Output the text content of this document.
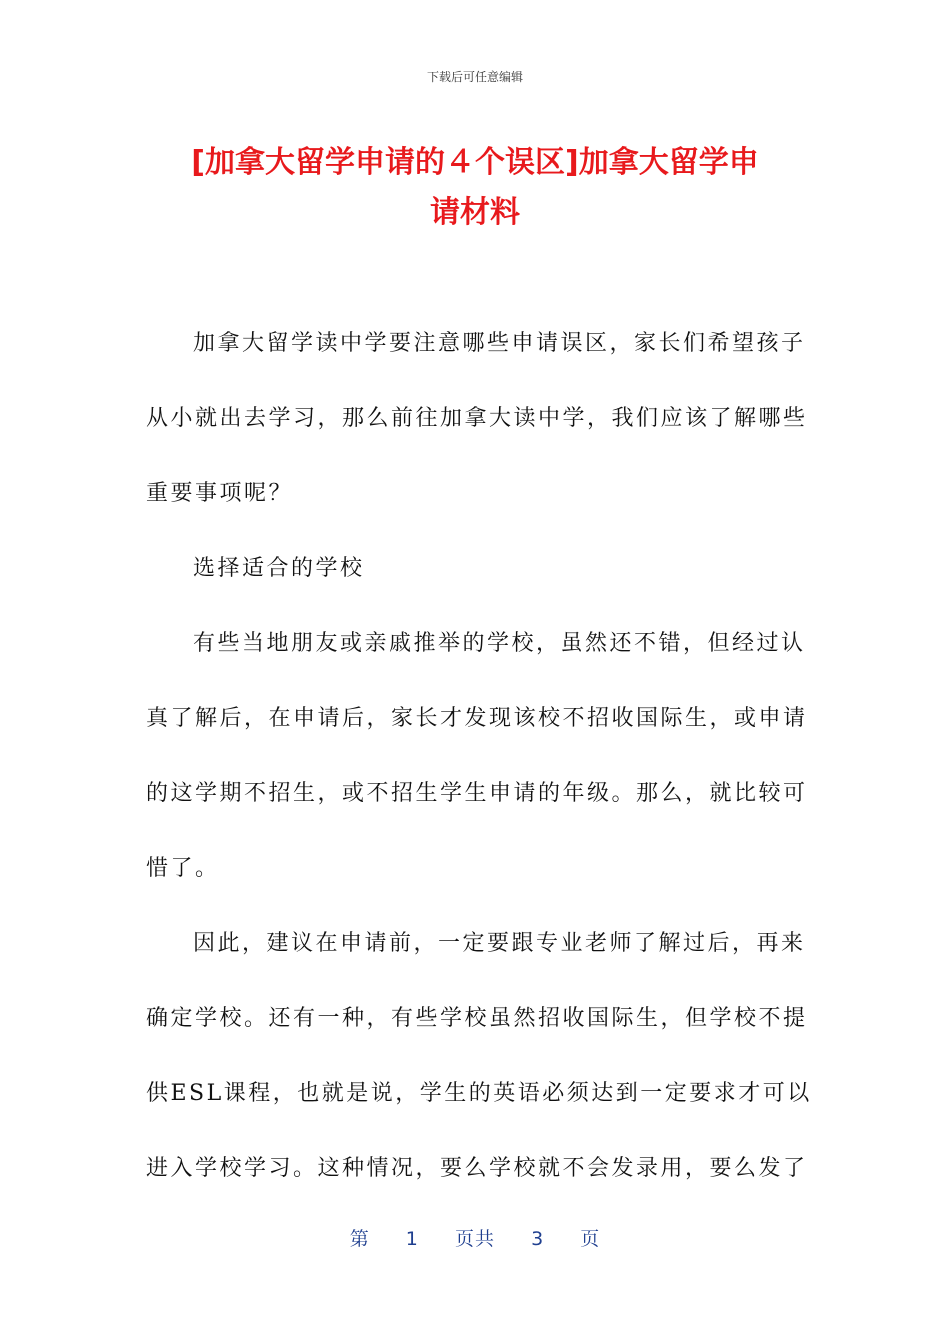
下载后可任意编辑
[加拿大留学申请的４个误区]加拿大留学申
请材料

加拿大留学读中学要注意哪些申请误区，家长们希望孩子
从小就出去学习，那么前往加拿大读中学，我们应该了解哪些
重要事项呢？

选择适合的学校

有些当地朋友或亲戚推举的学校，虽然还不错，但经过认
真了解后，在申请后，家长才发现该校不招收国际生，或申请
的这学期不招生，或不招生学生申请的年级。那么，就比较可
惜了。

因此，建议在申请前，一定要跟专业老师了解过后，再来
确定学校。还有一种，有些学校虽然招收国际生，但学校不提
供ESL课程，也就是说，学生的英语必须达到一定要求才可以
进入学校学习。这种情况，要么学校就不会发录用，要么发了

第 1 页共 3 页
